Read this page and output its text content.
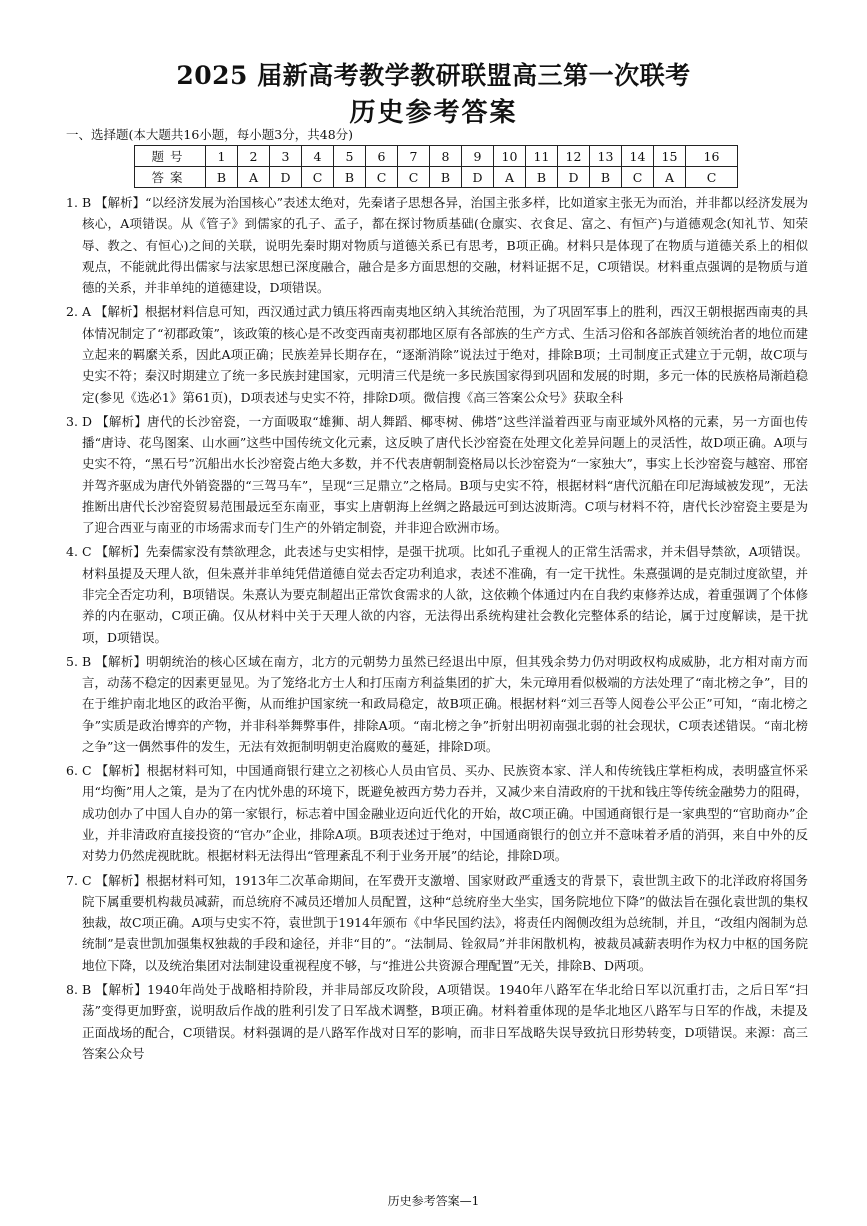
2025 届新高考教学教研联盟高三第一次联考
历史参考答案
一、选择题(本大题共16小题，每小题3分，共48分)
题号	1	2	3	4	5	6	7	8	9	10	11	12	13	14	15	16
答案	B	A	D	C	B	C	C	B	D	A	B	D	B	C	A	C
1. B 【解析】“以经济发展为治国核心”表述太绝对，先秦诸子思想各异，治国主张多样，比如道家主张无为而治，并非都以经济发展为核心，A项错误。从《管子》到儒家的孔子、孟子，都在探讨物质基础(仓廪实、衣食足、富之、有恒产)与道德观念(知礼节、知荣辱、教之、有恒心)之间的关联，说明先秦时期对物质与道德关系已有思考，B项正确。材料只是体现了在物质与道德关系上的相似观点，不能就此得出儒家与法家思想已深度融合，融合是多方面思想的交融，材料证据不足，C项错误。材料重点强调的是物质与道德的关系，并非单纯的道德建设，D项错误。
2. A 【解析】根据材料信息可知，西汉通过武力镇压将西南夷地区纳入其统治范围，为了巩固军事上的胜利，西汉王朝根据西南夷的具体情况制定了“初郡政策”，该政策的核心是不改变西南夷初郡地区原有各部族的生产方式、生活习俗和各部族首领统治者的地位而建立起来的羁縻关系，因此A项正确；民族差异长期存在，“逐渐消除”说法过于绝对，排除B项；土司制度正式建立于元朝，故C项与史实不符；秦汉时期建立了统一多民族封建国家，元明清三代是统一多民族国家得到巩固和发展的时期，多元一体的民族格局渐趋稳定(参见《选必1》第61页)，D项表述与史实不符，排除D项。微信搜《高三答案公众号》获取全科
3. D 【解析】唐代的长沙窑瓷，一方面吸取“雄狮、胡人舞蹈、椰枣树、佛塔”这些洋溢着西亚与南亚域外风格的元素，另一方面也传播“唐诗、花鸟图案、山水画”这些中国传统文化元素，这反映了唐代长沙窑瓷在处理文化差异问题上的灵活性，故D项正确。A项与史实不符，“黑石号”沉船出水长沙窑瓷占绝大多数，并不代表唐朝制瓷格局以长沙窑瓷为“一家独大”，事实上长沙窑瓷与越窑、邢窑并驾齐驱成为唐代外销瓷器的“三驾马车”，呈现“三足鼎立”之格局。B项与史实不符，根据材料“唐代沉船在印尼海域被发现”，无法推断出唐代长沙窑瓷贸易范围最远至东南亚，事实上唐朝海上丝绸之路最远可到达波斯湾。C项与材料不符，唐代长沙窑瓷主要是为了迎合西亚与南亚的市场需求而专门生产的外销定制瓷，并非迎合欧洲市场。
4. C 【解析】先秦儒家没有禁欲理念，此表述与史实相悖，是强干扰项。比如孔子重视人的正常生活需求，并未倡导禁欲，A项错误。材料虽提及天理人欲，但朱熹并非单纯凭借道德自觉去否定功利追求，表述不准确，有一定干扰性。朱熹强调的是克制过度欲望，并非完全否定功利，B项错误。朱熹认为要克制超出正常饮食需求的人欲，这依赖个体通过内在自我约束修养达成，着重强调了个体修养的内在驱动，C项正确。仅从材料中关于天理人欲的内容，无法得出系统构建社会教化完整体系的结论，属于过度解读，是干扰项，D项错误。
5. B 【解析】明朝统治的核心区域在南方，北方的元朝势力虽然已经退出中原，但其残余势力仍对明政权构成威胁，北方相对南方而言，动荡不稳定的因素更显见。为了笼络北方士人和打压南方利益集团的扩大，朱元璋用看似极端的方法处理了“南北榜之争”，目的在于维护南北地区的政治平衡，从而维护国家统一和政局稳定，故B项正确。根据材料“刘三吾等人阅卷公平公正”可知，“南北榜之争”实质是政治博弈的产物，并非科举舞弊事件，排除A项。“南北榜之争”折射出明初南强北弱的社会现状，C项表述错误。“南北榜之争”这一偶然事件的发生，无法有效扼制明朝吏治腐败的蔓延，排除D项。
6. C 【解析】根据材料可知，中国通商银行建立之初核心人员由官员、买办、民族资本家、洋人和传统钱庄掌柜构成，表明盛宣怀采用“均衡”用人之策，是为了在内忧外患的环境下，既避免被西方势力吞并，又减少来自清政府的干扰和钱庄等传统金融势力的阻碍，成功创办了中国人自办的第一家银行，标志着中国金融业迈向近代化的开始，故C项正确。中国通商银行是一家典型的“官助商办”企业，并非清政府直接投资的“官办”企业，排除A项。B项表述过于绝对，中国通商银行的创立并不意味着矛盾的消弭，来自中外的反对势力仍然虎视眈眈。根据材料无法得出“管理紊乱不利于业务开展”的结论，排除D项。
7. C 【解析】根据材料可知，1913年二次革命期间，在军费开支激增、国家财政严重透支的背景下，袁世凯主政下的北洋政府将国务院下属重要机构裁员减薪，而总统府不减员还增加人员配置，这种“总统府坐大坐实，国务院地位下降”的做法旨在强化袁世凯的集权独裁，故C项正确。A项与史实不符，袁世凯于1914年颁布《中华民国约法》，将责任内阁侧改组为总统制，并且，“改组内阁制为总统制”是袁世凯加强集权独裁的手段和途径，并非“目的”。“法制局、铨叙局”并非闲散机构，被裁员减薪表明作为权力中枢的国务院地位下降，以及统治集团对法制建设重视程度不够，与“推进公共资源合理配置”无关，排除B、D两项。
8. B 【解析】1940年尚处于战略相持阶段，并非局部反攻阶段，A项错误。1940年八路军在华北给日军以沉重打击，之后日军“扫荡”变得更加野蛮，说明敌后作战的胜利引发了日军战术调整，B项正确。材料着重体现的是华北地区八路军与日军的作战，未提及正面战场的配合，C项错误。材料强调的是八路军作战对日军的影响，而非日军战略失误导致抗日形势转变，D项错误。来源：高三答案公众号
历史参考答案—1
